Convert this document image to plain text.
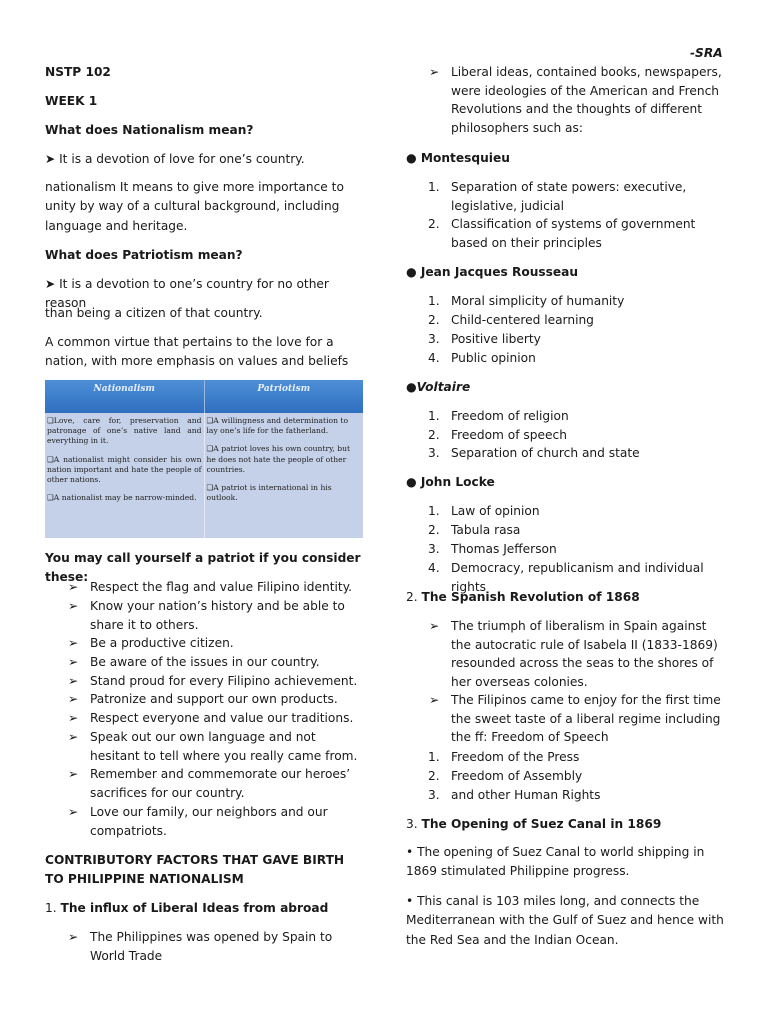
-SRA

NSTP 102

WEEK 1

What does Nationalism mean?

➤ It is a devotion of love for one’s country.

nationalism It means to give more importance to unity by way of a cultural background, including language and heritage.

What does Patriotism mean?

➤ It is a devotion to one’s country for no other reason

than being a citizen of that country.

A common virtue that pertains to the love for a nation, with more emphasis on values and beliefs

Nationalism	Patriotism

❑Love, care for, preservation and patronage of one’s native land and everything in it.

❑A nationalist might consider his own nation important and hate the people of other nations.

❑A nationalist may be narrow-minded.

❑A willingness and determination to lay one’s life for the fatherland.

❑A patriot loves his own country, but he does not hate the people of other countries.

❑A patriot is international in his outlook.

You may call yourself a patriot if you consider these:

➢ Respect the flag and value Filipino identity.
➢ Know your nation’s history and be able to share it to others.
➢ Be a productive citizen.
➢ Be aware of the issues in our country.
➢ Stand proud for every Filipino achievement.
➢ Patronize and support our own products.
➢ Respect everyone and value our traditions.
➢ Speak out our own language and not hesitant to tell where you really came from.
➢ Remember and commemorate our heroes’ sacrifices for our country.
➢ Love our family, our neighbors and our compatriots.

CONTRIBUTORY FACTORS THAT GAVE BIRTH TO PHILIPPINE NATIONALISM

1. The influx of Liberal Ideas from abroad

➢ The Philippines was opened by Spain to World Trade
➢ Liberal ideas, contained books, newspapers, were ideologies of the American and French Revolutions and the thoughts of different philosophers such as:

● Montesquieu

1. Separation of state powers: executive, legislative, judicial
2. Classification of systems of government based on their principles

● Jean Jacques Rousseau

1. Moral simplicity of humanity
2. Child-centered learning
3. Positive liberty
4. Public opinion

●Voltaire

1. Freedom of religion
2. Freedom of speech
3. Separation of church and state

● John Locke

1. Law of opinion
2. Tabula rasa
3. Thomas Jefferson
4. Democracy, republicanism and individual rights

2. The Spanish Revolution of 1868

➢ The triumph of liberalism in Spain against the autocratic rule of Isabela II (1833-1869) resounded across the seas to the shores of her overseas colonies.
➢ The Filipinos came to enjoy for the first time the sweet taste of a liberal regime including the ff: Freedom of Speech
1. Freedom of the Press
2. Freedom of Assembly
3. and other Human Rights

3. The Opening of Suez Canal in 1869

• The opening of Suez Canal to world shipping in 1869 stimulated Philippine progress.

• This canal is 103 miles long, and connects the Mediterranean with the Gulf of Suez and hence with the Red Sea and the Indian Ocean.
